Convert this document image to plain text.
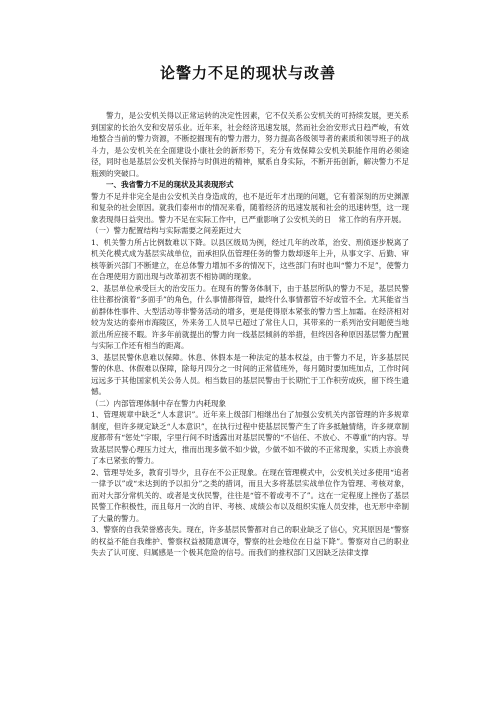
论警力不足的现状与改善

警力，是公安机关得以正常运转的决定性因素，它不仅关系公安机关的可持续发展，更关系到国家的长治久安和安居乐业。近年来，社会经济迅速发展，然而社会治安形式日趋严峻，有效地整合当前的警力资源，不断挖掘现有的警力潜力，努力提高各级领导者的素质和领导班子的战斗力，是公安机关在全面建设小康社会的新形势下，充分有效保障公安机关职能作用的必须途径，同时也是基层公安机关保持与时俱进的精神，赋系自身实际，不断开拓创新，解决警力不足瓶颈的突破口。

一、我省警力不足的现状及其表现形式

警力不足并非完全是由公安机关自身造成的，也不是近年才出现的问题，它有着深刻的历史渊源和复杂的社会原因。就我们泰州市的情况来看，随着经济的迅速发展和社会的迅速转型，这一现象表现得日益突出。警力不足在实际工作中，已严重影响了公安机关的日　常工作的有序开展。

（一）警力配置结构与实际需要之间差距过大

1、机关警力所占比例数难以下降。以县区级局为例，经过几年的改革，治安、刑侦逐步脱离了机关化模式成为基层实战单位，而承担队伍管理任务的警力数却逐年上升，从事文字、后勤、审核等新兴部门不断建立，在总体警力增加不多的情况下，这些部门有时也叫“警力不足”，使警力在合理使用方面出现与改革初衷不相协调的现象。

2、基层单位承受巨大的治安压力。在现有的警务体制下，由于基层所队的警力不足，基层民警往往都扮演着“多面手”的角色，什么事情都得管，最终什么事情都管不好或管不全。尤其能省当前群体性事件、大型活动等非警务活动的增多，更是使得原本紧张的警力雪上加霜。在经济相对较为发达的泰州市海陵区，外来务工人员早已超过了常住人口，其带来的一系列治安问题使当地派出所应接不暇。许多年前就提出的警力向一线基层倾斜的举措，但终因各种原因基层警力配置与实际工作还有相当的距离。

3、基层民警休息难以保障。休息、休假本是一种法定的基本权益，由于警力不足，许多基层民警的休息、休假难以保障，除每月四分之一时间的正常值班外，每月随时要加班加点，工作时间远远多于其他国家机关公务人员。相当数目的基层民警由于长期忙于工作积劳成疾，留下终生遗憾。

（二）内部管理体制中存在警力内耗现象

1、管理规章中缺乏“人本意识”。近年来上级部门相继出台了加强公安机关内部管理的许多规章制度，但许多规定缺乏“人本意识”，在执行过程中使基层民警产生了许多抵触情绪，许多规章制度都带有“惩处”字眼，字里行间不时透露出对基层民警的“不信任、不放心、不尊重”的内容。导致基层民警心理压力过大，推而出现多做不如少做，少做不如不做的不正常现象，实质上亦浪费了本已紧张的警力。

2、管理导处多，教育引导少，且存在不公正现象。在现在管理模式中，公安机关过多使用“追者一律予以”或“未达到的予以扣分”之类的措词，而且大多将基层实战单位作为管理、考核对象，而对大部分常机关的、或者是支伙民警，往往是“管不着或考不了”。这在一定程度上挫伤了基层民警工作积极性，而且每月一次的自评、考核、成绩公布以及组织实施人员安排，也无形中牵制了大量的警力。

3、警察的自我荣誉感丧失。现在，许多基层民警都对自己的职业缺乏了信心，究其原因是“警察的权益不能自我维护、警察权益被随意调夺，警察的社会地位在日益下降”。警察对自己的职业失去了认可度、归属感是一个极其危险的信号。而我们的推权部门又因缺乏法律支撑
